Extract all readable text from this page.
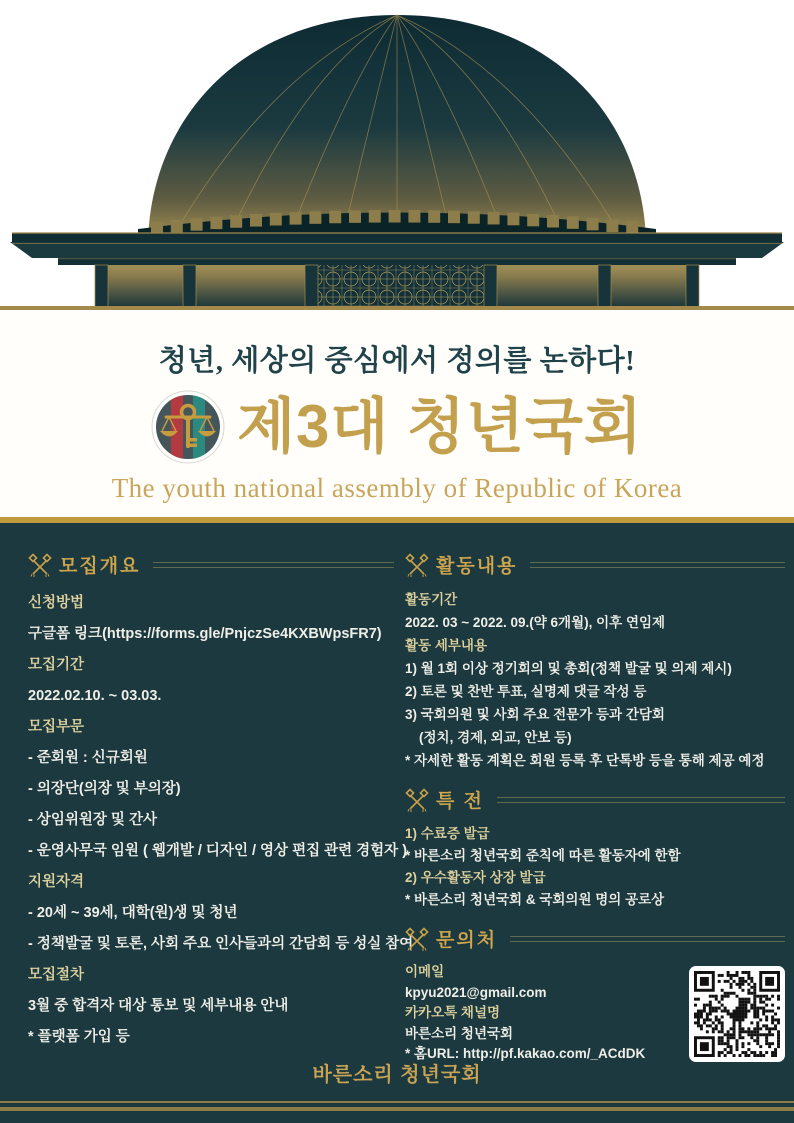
청년, 세상의 중심에서 정의를 논하다!
제3대 청년국회
The youth national assembly of Republic of Korea
모집개요
신청방법
구글폼 링크(https://forms.gle/PnjczSe4KXBWpsFR7)
모집기간
2022.02.10. ~ 03.03.
모집부문
- 준회원 : 신규회원
- 의장단(의장 및 부의장)
- 상임위원장 및 간사
- 운영사무국 임원 ( 웹개발 / 디자인 / 영상 편집 관련 경험자 )
지원자격
- 20세 ~ 39세, 대학(원)생 및 청년
- 정책발굴 및 토론, 사회 주요 인사들과의 간담회 등 성실 참여
모집절차
3월 중 합격자 대상 통보 및 세부내용 안내
* 플랫폼 가입 등
활동내용
활동기간
2022. 03 ~ 2022. 09.(약 6개월), 이후 연임제
활동 세부내용
1) 월 1회 이상 정기회의 및 총회(정책 발굴 및 의제 제시)
2) 토론 및 찬반 투표, 실명제 댓글 작성 등
3) 국회의원 및 사회 주요 전문가 등과 간담회
(정치, 경제, 외교, 안보 등)
* 자세한 활동 계획은 회원 등록 후 단톡방 등을 통해 제공 예정
특 전
1) 수료증 발급
* 바른소리 청년국회 준칙에 따른 활동자에 한함
2) 우수활동자 상장 발급
* 바른소리 청년국회 & 국회의원 명의 공로상
문의처
이메일
kpyu2021@gmail.com
카카오톡 채널명
바른소리 청년국회
* 홈URL: http://pf.kakao.com/_ACdDK
바른소리 청년국회
